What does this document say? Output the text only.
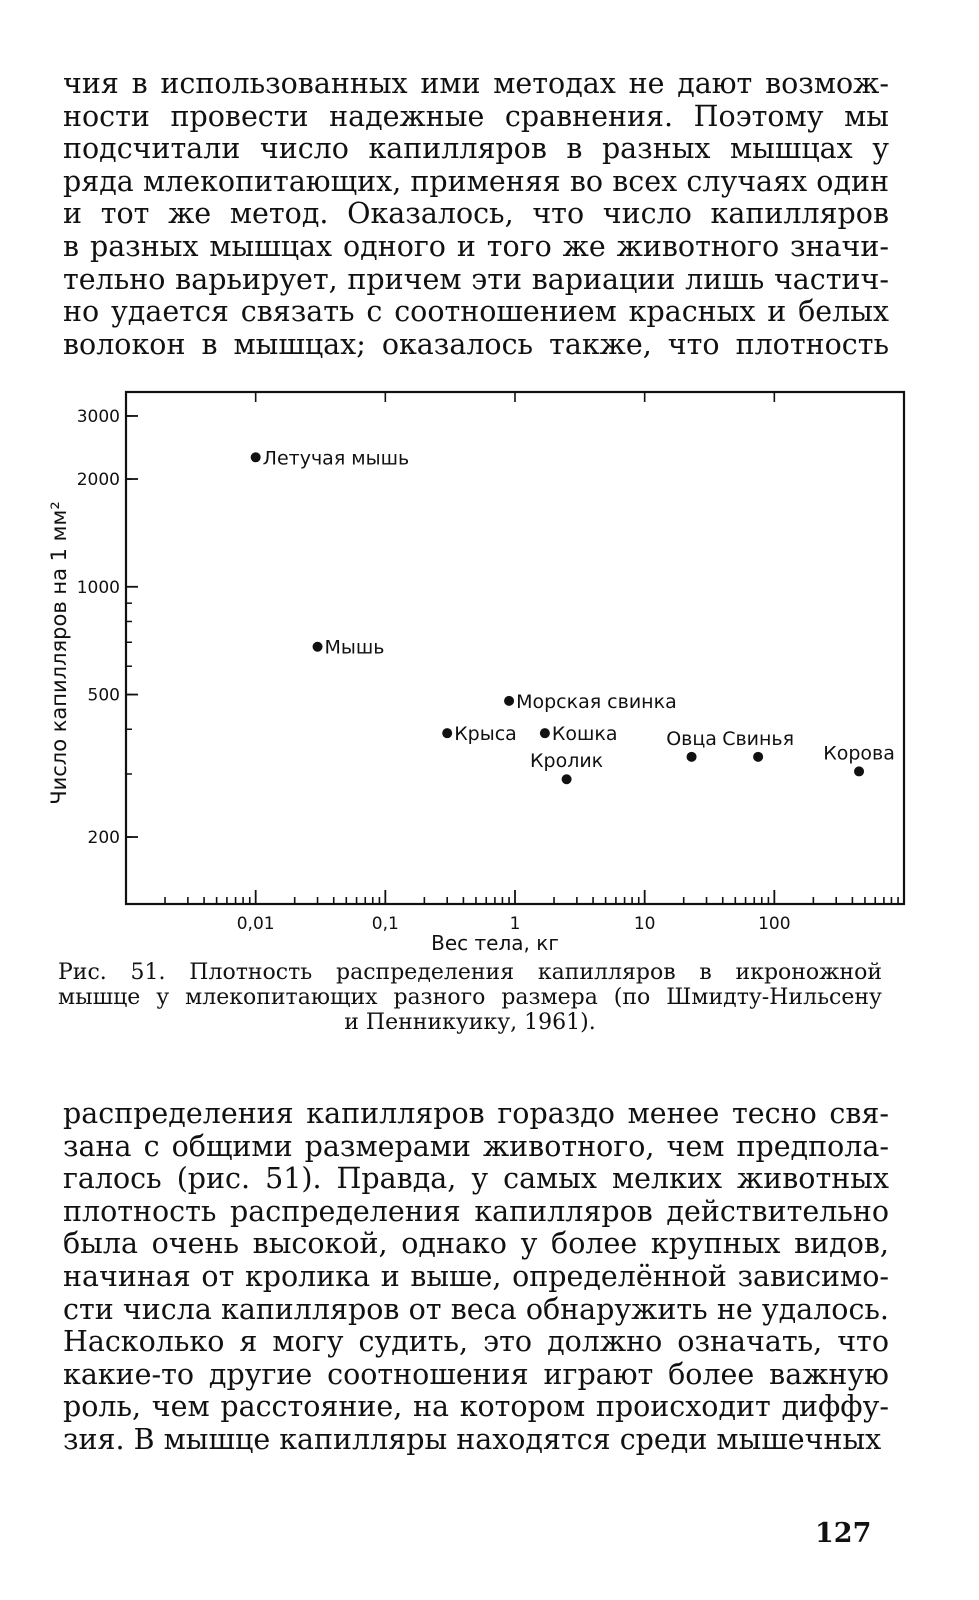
чия в использованных ими методах не дают возмож-
ности провести надежные сравнения. Поэтому мы
подсчитали число капилляров в разных мышцах у
ряда млекопитающих, применяя во всех случаях один
и тот же метод. Оказалось, что число капилляров
в разных мышцах одного и того же животного значи-
тельно варьирует, причем эти вариации лишь частич-
но удается связать с соотношением красных и белых
волокон в мышцах; оказалось также, что плотность
0,01	0,1	1	10	100
200
500
1000
2000
3000
Летучая мышь
Мышь
Морская свинка
Крыса Кошка
Кролик
Овца Свинья
Корова
Вес тела, кг
Число капилляров на 1 мм²
Рис. 51. Плотность распределения капилляров в икроножной
мышце у млекопитающих разного размера (по Шмидту-Нильсену
и Пенникуику, 1961).
распределения капилляров гораздо менее тесно свя-
зана с общими размерами животного, чем предпола-
галось (рис. 51). Правда, у самых мелких животных
плотность распределения капилляров действительно
была очень высокой, однако у более крупных видов,
начиная от кролика и выше, определённой зависимо-
сти числа капилляров от веса обнаружить не удалось.
Насколько я могу судить, это должно означать, что
какие-то другие соотношения играют более важную
роль, чем расстояние, на котором происходит диффу-
зия. В мышце капилляры находятся среди мышечных
127
